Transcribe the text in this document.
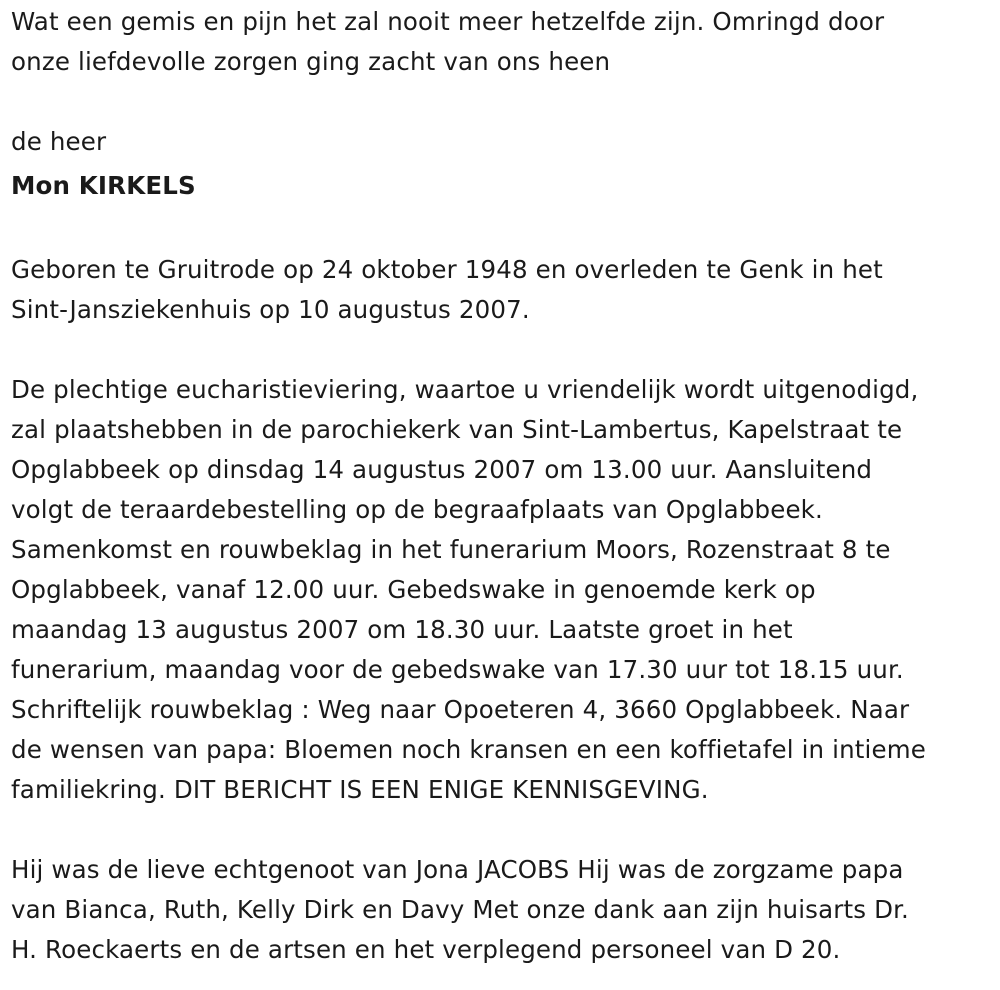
Wat een gemis en pijn het zal nooit meer hetzelfde zijn. Omringd door

onze liefdevolle zorgen ging zacht van ons heen

de heer

Mon KIRKELS

Geboren te Gruitrode op 24 oktober 1948 en overleden te Genk in het

Sint-Jansziekenhuis op 10 augustus 2007.

De plechtige eucharistieviering, waartoe u vriendelijk wordt uitgenodigd,

zal plaatshebben in de parochiekerk van Sint-Lambertus, Kapelstraat te

Opglabbeek op dinsdag 14 augustus 2007 om 13.00 uur. Aansluitend

volgt de teraardebestelling op de begraafplaats van Opglabbeek.

Samenkomst en rouwbeklag in het funerarium Moors, Rozenstraat 8 te

Opglabbeek, vanaf 12.00 uur. Gebedswake in genoemde kerk op

maandag 13 augustus 2007 om 18.30 uur. Laatste groet in het

funerarium, maandag voor de gebedswake van 17.30 uur tot 18.15 uur.

Schriftelijk rouwbeklag : Weg naar Opoeteren 4, 3660 Opglabbeek. Naar

de wensen van papa: Bloemen noch kransen en een koffietafel in intieme

familiekring. DIT BERICHT IS EEN ENIGE KENNISGEVING.

Hij was de lieve echtgenoot van Jona JACOBS Hij was de zorgzame papa

van Bianca, Ruth, Kelly Dirk en Davy Met onze dank aan zijn huisarts Dr.

H. Roeckaerts en de artsen en het verplegend personeel van D 20.
